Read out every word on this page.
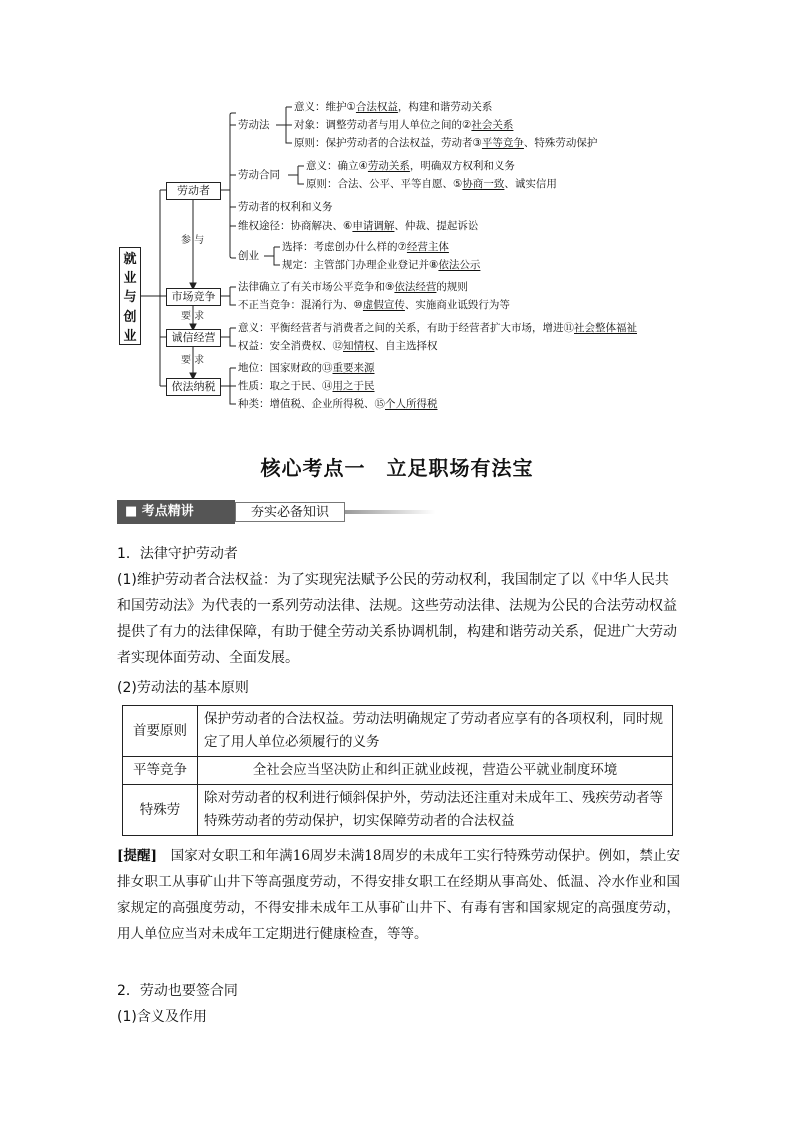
就
业
与
创
业
劳动者
市场竞争
诚信经营
依法纳税
参 与
要 求
要 求
劳动法
意义：维护①合法权益，构建和谐劳动关系
对象：调整劳动者与用人单位之间的②社会关系
原则：保护劳动者的合法权益，劳动者③平等竞争、特殊劳动保护
劳动合同
意义：确立④劳动关系，明确双方权利和义务
原则：合法、公平、平等自愿、⑤协商一致、诚实信用
劳动者的权利和义务
维权途径：协商解决、⑥申请调解、仲裁、提起诉讼
创业
选择：考虑创办什么样的⑦经营主体
规定：主管部门办理企业登记并⑧依法公示
法律确立了有关市场公平竞争和⑨依法经营的规则
不正当竞争：混淆行为、⑩虚假宣传、实施商业诋毁行为等
意义：平衡经营者与消费者之间的关系，有助于经营者扩大市场，增进⑪社会整体福祉
权益：安全消费权、⑫知情权、自主选择权
地位：国家财政的⑬重要来源
性质：取之于民、⑭用之于民
种类：增值税、企业所得税、⑮个人所得税
核心考点一　立足职场有法宝
■ 考点精讲	夯实必备知识
1．法律守护劳动者
(1)维护劳动者合法权益：为了实现宪法赋予公民的劳动权利，我国制定了以《中华人民共和国劳动法》为代表的一系列劳动法律、法规。这些劳动法律、法规为公民的合法劳动权益提供了有力的法律保障，有助于健全劳动关系协调机制，构建和谐劳动关系，促进广大劳动者实现体面劳动、全面发展。
(2)劳动法的基本原则
首要原则	保护劳动者的合法权益。劳动法明确规定了劳动者应享有的各项权利，同时规定了用人单位必须履行的义务
平等竞争	全社会应当坚决防止和纠正就业歧视，营造公平就业制度环境
特殊劳	除对劳动者的权利进行倾斜保护外，劳动法还注重对未成年工、残疾劳动者等特殊劳动者的劳动保护，切实保障劳动者的合法权益
[提醒]　国家对女职工和年满16周岁未满18周岁的未成年工实行特殊劳动保护。例如，禁止安排女职工从事矿山井下等高强度劳动，不得安排女职工在经期从事高处、低温、冷水作业和国家规定的高强度劳动，不得安排未成年工从事矿山井下、有毒有害和国家规定的高强度劳动，用人单位应当对未成年工定期进行健康检查，等等。
2．劳动也要签合同
(1)含义及作用
